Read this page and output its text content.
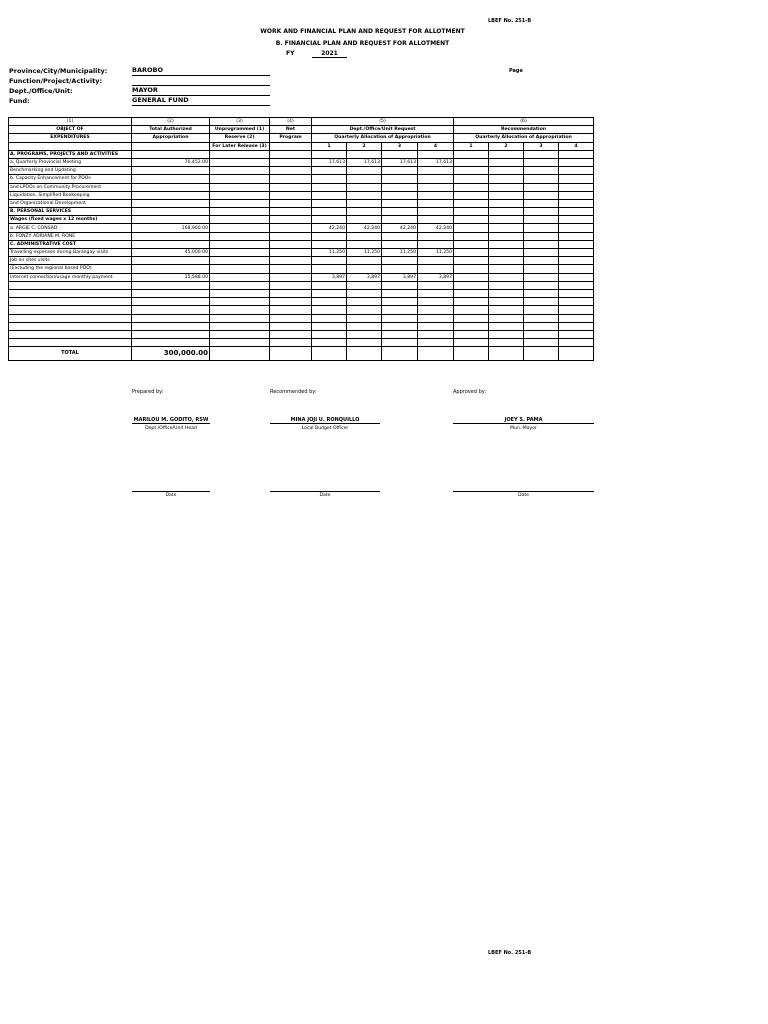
LBEF No. 251-B
WORK AND FINANCIAL PLAN AND REQUEST FOR ALLOTMENT
B. FINANCIAL PLAN AND REQUEST FOR ALLOTMENT
FY	2021
Page
Province/City/Municipality:	BAROBO
Function/Project/Activity:
Dept./Office/Unit:	MAYOR
Fund:	GENERAL FUND
(1)	(2)	(3)	(4)	(5)				(6)			
OBJECT OF	Total Authorized	Unprogrammed (1)	Net	Dept./Office/Unit Request				Recommendation			
EXPENDITURES	Appropriation	Reserve (2)	Program	Quarterly Allocation of Appropriation				Quarterly Allocation of Appropriation			
		For Later Release (3)		1	2	3	4	1	2	3	4
A. PROGRAMS, PROJECTS AND ACTIVITIES											
a. Quarterly Provincial Meeting	70,452.00			17,613	17,613	17,613	17,613				
Benchmarking and Updating											
b. Capacity Enhancement for PDOs											
and LPDOs on Community Procurement											
Liquidation, Simplified Bookeeping											
and Organizational Development											
B. PERSONAL SERVICES											
Wages (fixed wages x 12 months)											
a. ARGIE C. CONSAD	168,960.00			42,240	42,240	42,240	42,240				
b. FONZY ADRIANE M. RONE											
C. ADMINISTRATIVE COST											
Travelling expenses during Barangay visits	45,000.00			11,250	11,250	11,250	11,250				
Job on sites visits											
(Excluding the regional based PDO)											
Internet connection/usage monthly payment	15,588.00			3,897	3,897	3,897	3,897				

TOTAL	300,000.00										
Prepared by:	Recommended by:	Approved by:
MARILOU M. GODITO, RSW
Dept./Office/Unit Head
MINA JOJI U. RONQUILLO
Local Budget Officer
JOEY S. PAMA
Mun. Mayor
Date	Date	Date
LBEF No. 251-B
